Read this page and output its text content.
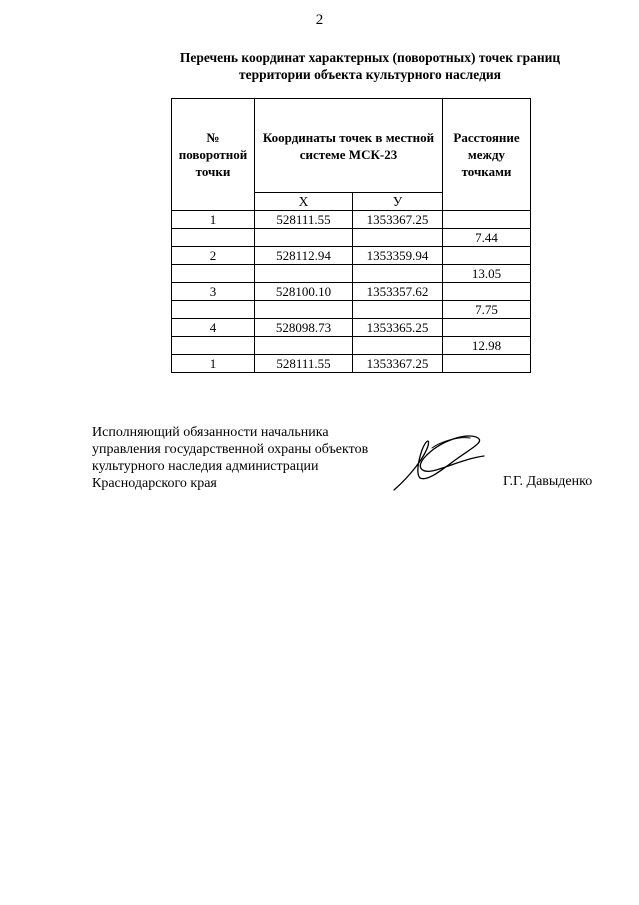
2
Перечень координат характерных (поворотных) точек границ
территории объекта культурного наследия
№ поворотной точки	Координаты точек в местной системе МСК-23		Расстояние между точками
	X	У	
1	528111.55	1353367.25	
			7.44
2	528112.94	1353359.94	
			13.05
3	528100.10	1353357.62	
			7.75
4	528098.73	1353365.25	
			12.98
1	528111.55	1353367.25	
Исполняющий обязанности начальника
управления государственной охраны объектов
культурного наследия администрации
Краснодарского края	Г.Г. Давыденко
